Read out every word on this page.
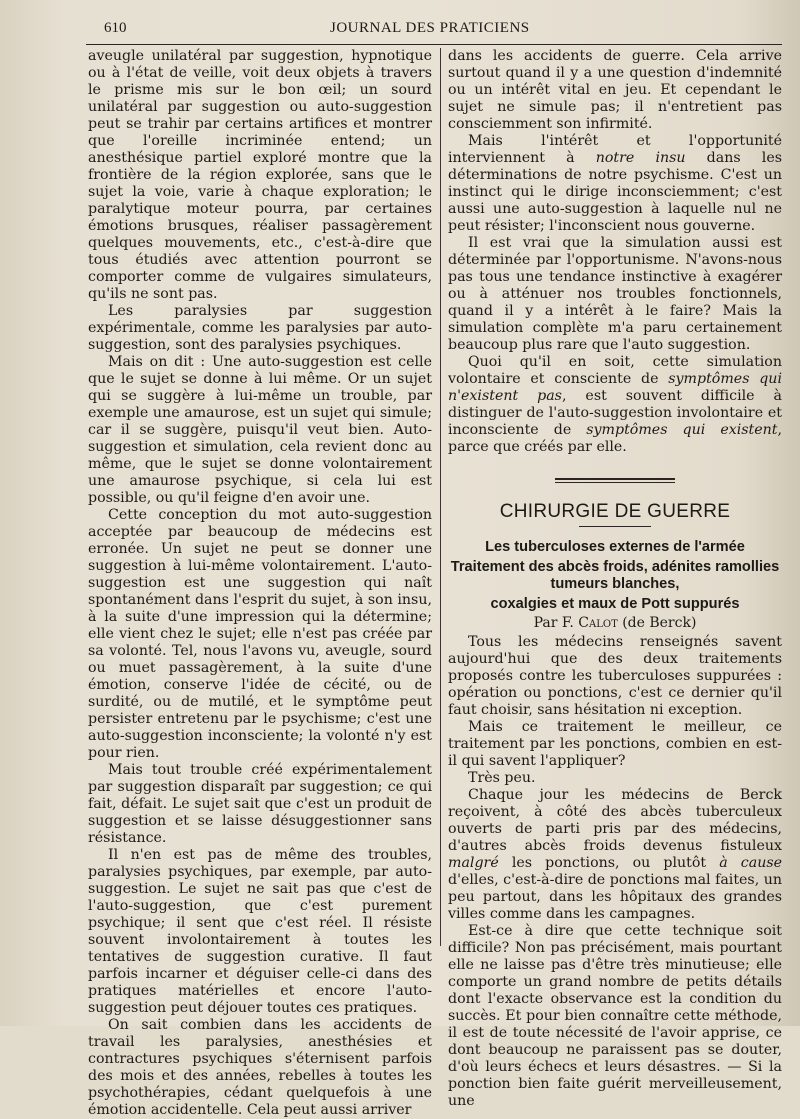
610	JOURNAL DES PRATICIENS

aveugle unilatéral par suggestion, hypnotique ou à l'état de veille, voit deux objets à travers le prisme mis sur le bon œil; un sourd unilatéral par suggestion ou auto-suggestion peut se trahir par certains artifices et montrer que l'oreille incriminée entend; un anesthésique partiel exploré montre que la frontière de la région explorée, sans que le sujet la voie, varie à chaque exploration; le paralytique moteur pourra, par certaines émotions brusques, réaliser passagèrement quelques mouvements, etc., c'est-à-dire que tous étudiés avec attention pourront se comporter comme de vulgaires simulateurs, qu'ils ne sont pas.

Les paralysies par suggestion expérimentale, comme les paralysies par auto-suggestion, sont des paralysies psychiques.

Mais on dit : Une auto-suggestion est celle que le sujet se donne à lui même. Or un sujet qui se suggère à lui-même un trouble, par exemple une amaurose, est un sujet qui simule; car il se suggère, puisqu'il veut bien. Auto-suggestion et simulation, cela revient donc au même, que le sujet se donne volontairement une amaurose psychique, si cela lui est possible, ou qu'il feigne d'en avoir une.

Cette conception du mot auto-suggestion acceptée par beaucoup de médecins est erronée. Un sujet ne peut se donner une suggestion à lui-même volontairement. L'auto-suggestion est une suggestion qui naît spontanément dans l'esprit du sujet, à son insu, à la suite d'une impression qui la détermine; elle vient chez le sujet; elle n'est pas créée par sa volonté. Tel, nous l'avons vu, aveugle, sourd ou muet passagèrement, à la suite d'une émotion, conserve l'idée de cécité, ou de surdité, ou de mutilé, et le symptôme peut persister entretenu par le psychisme; c'est une auto-suggestion inconsciente; la volonté n'y est pour rien.

Mais tout trouble créé expérimentalement par suggestion disparaît par suggestion; ce qui fait, défait. Le sujet sait que c'est un produit de suggestion et se laisse désuggestionner sans résistance.

Il n'en est pas de même des troubles, paralysies psychiques, par exemple, par auto-suggestion. Le sujet ne sait pas que c'est de l'auto-suggestion, que c'est purement psychique; il sent que c'est réel. Il résiste souvent involontairement à toutes les tentatives de suggestion curative. Il faut parfois incarner et déguiser celle-ci dans des pratiques matérielles et encore l'auto-suggestion peut déjouer toutes ces pratiques.

On sait combien dans les accidents de travail les paralysies, anesthésies et contractures psychiques s'éternisent parfois des mois et des années, rebelles à toutes les psychothérapies, cédant quelquefois à une émotion accidentelle. Cela peut aussi arriver

dans les accidents de guerre. Cela arrive surtout quand il y a une question d'indemnité ou un intérêt vital en jeu. Et cependant le sujet ne simule pas; il n'entretient pas consciemment son infirmité.

Mais l'intérêt et l'opportunité interviennent à notre insu dans les déterminations de notre psychisme. C'est un instinct qui le dirige inconsciemment; c'est aussi une auto-suggestion à laquelle nul ne peut résister; l'inconscient nous gouverne.

Il est vrai que la simulation aussi est déterminée par l'opportunisme. N'avons-nous pas tous une tendance instinctive à exagérer ou à atténuer nos troubles fonctionnels, quand il y a intérêt à le faire? Mais la simulation complète m'a paru certainement beaucoup plus rare que l'auto suggestion.

Quoi qu'il en soit, cette simulation volontaire et consciente de symptômes qui n'existent pas, est souvent difficile à distinguer de l'auto-suggestion involontaire et inconsciente de symptômes qui existent, parce que créés par elle.

CHIRURGIE DE GUERRE
Les tuberculoses externes de l'armée
Traitement des abcès froids, adénites ramollies tumeurs blanches,
coxalgies et maux de Pott suppurés
Par F. Calot (de Berck)

Tous les médecins renseignés savent aujourd'hui que des deux traitements proposés contre les tuberculoses suppurées : opération ou ponctions, c'est ce dernier qu'il faut choisir, sans hésitation ni exception.

Mais ce traitement le meilleur, ce traitement par les ponctions, combien en est-il qui savent l'appliquer?

Très peu.

Chaque jour les médecins de Berck reçoivent, à côté des abcès tuberculeux ouverts de parti pris par des médecins, d'autres abcès froids devenus fistuleux malgré les ponctions, ou plutôt à cause d'elles, c'est-à-dire de ponctions mal faites, un peu partout, dans les hôpitaux des grandes villes comme dans les campagnes.

Est-ce à dire que cette technique soit difficile? Non pas précisément, mais pourtant elle ne laisse pas d'être très minutieuse; elle comporte un grand nombre de petits détails dont l'exacte observance est la condition du succès. Et pour bien connaître cette méthode, il est de toute nécessité de l'avoir apprise, ce dont beaucoup ne paraissent pas se douter, d'où leurs échecs et leurs désastres. — Si la ponction bien faite guérit merveilleusement, une
